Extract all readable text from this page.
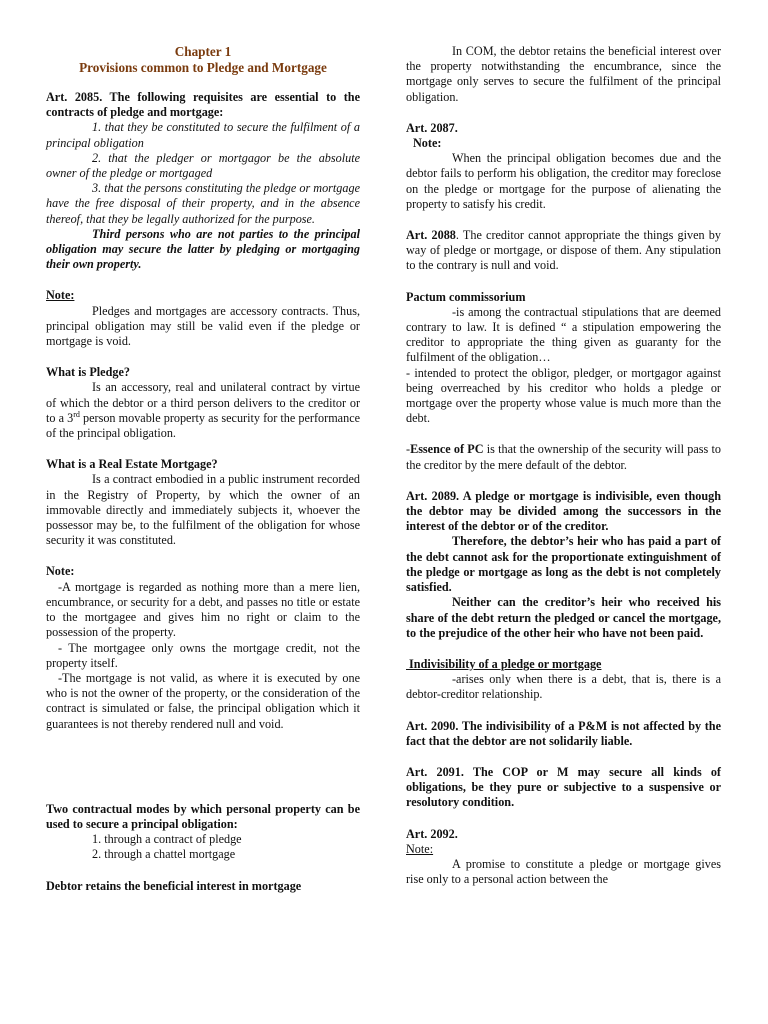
Chapter 1

Provisions common to Pledge and Mortgage

Art. 2085. The following requisites are essential to the contracts of pledge and mortgage:

1. that they be constituted to secure the fulfilment of a principal obligation

2. that the pledger or mortgagor be the absolute owner of the pledge or mortgaged

3. that the persons constituting the pledge or mortgage have the free disposal of their property, and in the absence thereof, that they be legally authorized for the purpose.

Third persons who are not parties to the principal obligation may secure the latter by pledging or mortgaging their own property.

Note:

Pledges and mortgages are accessory contracts. Thus, principal obligation may still be valid even if the pledge or mortgage is void.

What is Pledge?

Is an accessory, real and unilateral contract by virtue of which the debtor or a third person delivers to the creditor or to a 3rd person movable property as security for the performance of the principal obligation.

What is a Real Estate Mortgage?

Is a contract embodied in a public instrument recorded in the Registry of Property, by which the owner of an immovable directly and immediately subjects it, whoever the possessor may be, to the fulfilment of the obligation for whose security it was constituted.

Note:

-A mortgage is regarded as nothing more than a mere lien, encumbrance, or security for a debt, and passes no title or estate to the mortgagee and gives him no right or claim to the possession of the property.

- The mortgagee only owns the mortgage credit, not the property itself.

-The mortgage is not valid, as where it is executed by one who is not the owner of the property, or the consideration of the contract is simulated or false, the principal obligation which it guarantees is not thereby rendered null and void.

Two contractual modes by which personal property can be used to secure a principal obligation:

1. through a contract of pledge

2. through a chattel mortgage

Debtor retains the beneficial interest in mortgage

In COM, the debtor retains the beneficial interest over the property notwithstanding the encumbrance, since the mortgage only serves to secure the fulfilment of the principal obligation.

Art. 2087.

Note:

When the principal obligation becomes due and the debtor fails to perform his obligation, the creditor may foreclose on the pledge or mortgage for the purpose of alienating the property to satisfy his credit.

Art. 2088. The creditor cannot appropriate the things given by way of pledge or mortgage, or dispose of them. Any stipulation to the contrary is null and void.

Pactum commissorium

-is among the contractual stipulations that are deemed contrary to law. It is defined “ a stipulation empowering the creditor to appropriate the thing given as guaranty for the fulfilment of the obligation…

- intended to protect the obligor, pledger, or mortgagor against being overreached by his creditor who holds a pledge or mortgage over the property whose value is much more than the debt.

-Essence of PC is that the ownership of the security will pass to the creditor by the mere default of the debtor.

Art. 2089. A pledge or mortgage is indivisible, even though the debtor may be divided among the successors in the interest of the debtor or of the creditor.

Therefore, the debtor’s heir who has paid a part of the debt cannot ask for the proportionate extinguishment of the pledge or mortgage as long as the debt is not completely satisfied.

Neither can the creditor’s heir who received his share of the debt return the pledged or cancel the mortgage, to the prejudice of the other heir who have not been paid.

Indivisibility of a pledge or mortgage

-arises only when there is a debt, that is, there is a debtor-creditor relationship.

Art. 2090. The indivisibility of a P&M is not affected by the fact that the debtor are not solidarily liable.

Art. 2091. The COP or M may secure all kinds of obligations, be they pure or subjective to a suspensive or resolutory condition.

Art. 2092.

Note:

A promise to constitute a pledge or mortgage gives rise only to a personal action between the
